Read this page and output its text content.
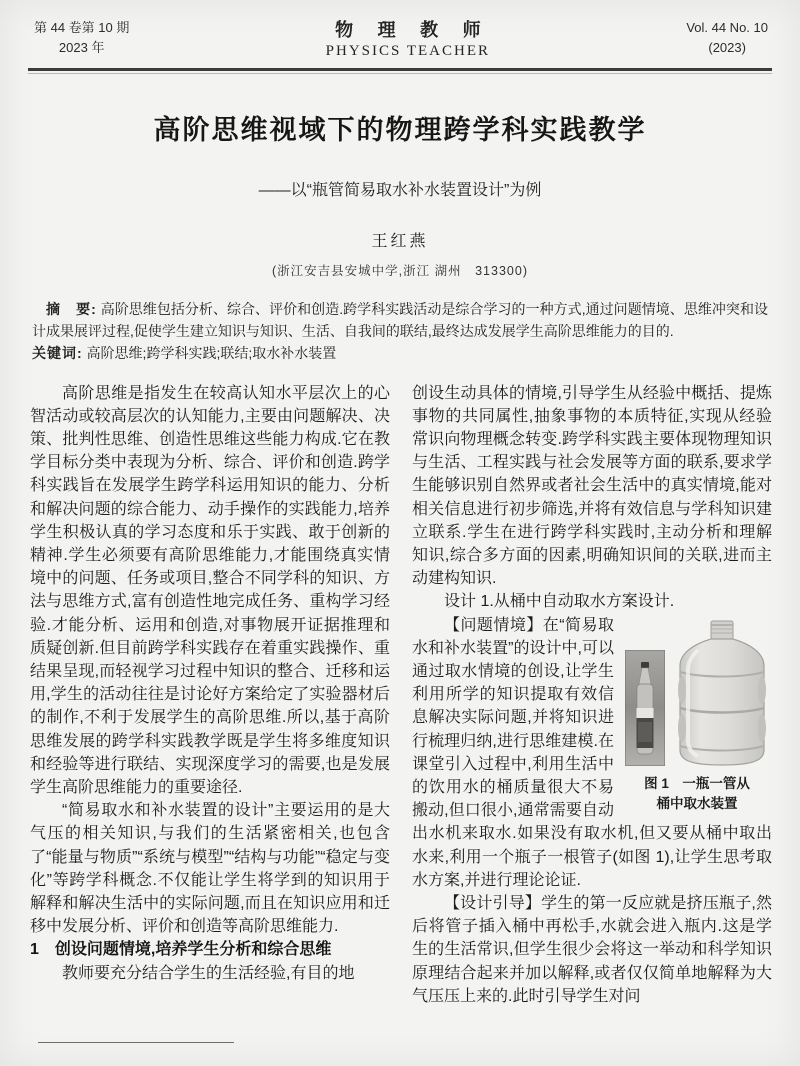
第 44 卷第 10 期
2023 年
物 理 教 师
PHYSICS TEACHER
Vol. 44 No. 10
(2023)
高阶思维视域下的物理跨学科实践教学
——以“瓶管简易取水补水装置设计”为例
王红燕
(浙江安吉县安城中学,浙江 湖州　313300)
摘　要: 高阶思维包括分析、综合、评价和创造.跨学科实践活动是综合学习的一种方式,通过问题情境、思维冲突和设计成果展评过程,促使学生建立知识与知识、生活、自我间的联结,最终达成发展学生高阶思维能力的目的.
关键词: 高阶思维;跨学科实践;联结;取水补水装置

高阶思维是指发生在较高认知水平层次上的心智活动或较高层次的认知能力,主要由问题解决、决策、批判性思维、创造性思维这些能力构成.它在教学目标分类中表现为分析、综合、评价和创造.跨学科实践旨在发展学生跨学科运用知识的能力、分析和解决问题的综合能力、动手操作的实践能力,培养学生积极认真的学习态度和乐于实践、敢于创新的精神.学生必须要有高阶思维能力,才能围绕真实情境中的问题、任务或项目,整合不同学科的知识、方法与思维方式,富有创造性地完成任务、重构学习经验.才能分析、运用和创造,对事物展开证据推理和质疑创新.但目前跨学科实践存在着重实践操作、重结果呈现,而轻视学习过程中知识的整合、迁移和运用,学生的活动往往是讨论好方案给定了实验器材后的制作,不利于发展学生的高阶思维.所以,基于高阶思维发展的跨学科实践教学既是学生将多维度知识和经验等进行联结、实现深度学习的需要,也是发展学生高阶思维能力的重要途径.

“简易取水和补水装置的设计”主要运用的是大气压的相关知识,与我们的生活紧密相关,也包含了“能量与物质”“系统与模型”“结构与功能”“稳定与变化”等跨学科概念.不仅能让学生将学到的知识用于解释和解决生活中的实际问题,而且在知识应用和迁移中发展分析、评价和创造等高阶思维能力.

1　创设问题情境,培养学生分析和综合思维

教师要充分结合学生的生活经验,有目的地

创设生动具体的情境,引导学生从经验中概括、提炼事物的共同属性,抽象事物的本质特征,实现从经验常识向物理概念转变.跨学科实践主要体现物理知识与生活、工程实践与社会发展等方面的联系,要求学生能够识别自然界或者社会生活中的真实情境,能对相关信息进行初步筛选,并将有效信息与学科知识建立联系.学生在进行跨学科实践时,主动分析和理解知识,综合多方面的因素,明确知识间的关联,进而主动建构知识.

设计 1.从桶中自动取水方案设计.

图 1　一瓶一管从
桶中取水装置

【问题情境】在“简易取水和补水装置”的设计中,可以通过取水情境的创设,让学生利用所学的知识提取有效信息解决实际问题,并将知识进行梳理归纳,进行思维建模.在课堂引入过程中,利用生活中的饮用水的桶质量很大不易搬动,但口很小,通常需要自动出水机来取水.如果没有取水机,但又要从桶中取出水来,利用一个瓶子一根管子(如图 1),让学生思考取水方案,并进行理论论证.

【设计引导】学生的第一反应就是挤压瓶子,然后将管子插入桶中再松手,水就会进入瓶内.这是学生的生活常识,但学生很少会将这一举动和科学知识原理结合起来并加以解释,或者仅仅简单地解释为大气压压上来的.此时引导学生对问
